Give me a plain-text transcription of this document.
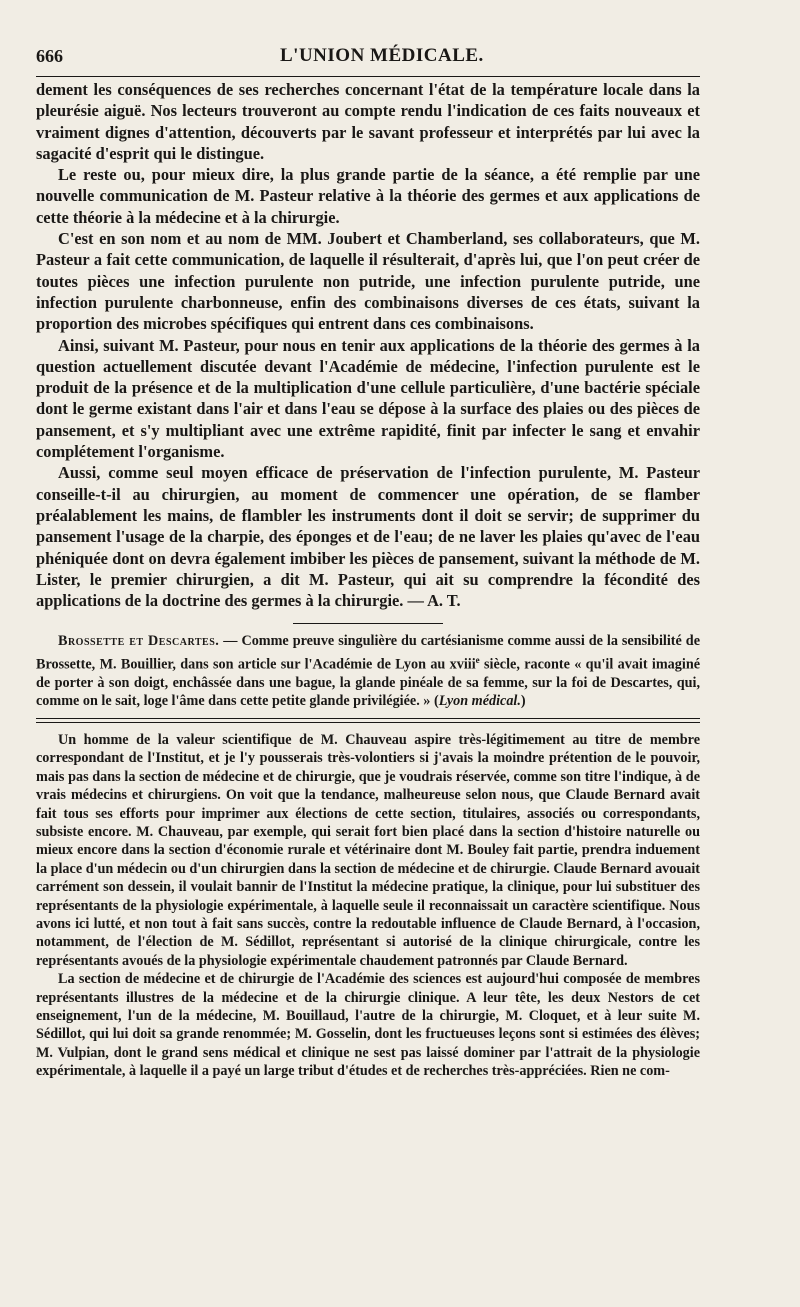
666	L'UNION MÉDICALE.

dement les conséquences de ses recherches concernant l'état de la température locale dans la pleurésie aiguë. Nos lecteurs trouveront au compte rendu l'indication de ces faits nouveaux et vraiment dignes d'attention, découverts par le savant professeur et interprétés par lui avec la sagacité d'esprit qui le distingue.

Le reste ou, pour mieux dire, la plus grande partie de la séance, a été remplie par une nouvelle communication de M. Pasteur relative à la théorie des germes et aux applications de cette théorie à la médecine et à la chirurgie.

C'est en son nom et au nom de MM. Joubert et Chamberland, ses collaborateurs, que M. Pasteur a fait cette communication, de laquelle il résulterait, d'après lui, que l'on peut créer de toutes pièces une infection purulente non putride, une infection purulente putride, une infection purulente charbonneuse, enfin des combinaisons diverses de ces états, suivant la proportion des microbes spécifiques qui entrent dans ces combinaisons.

Ainsi, suivant M. Pasteur, pour nous en tenir aux applications de la théorie des germes à la question actuellement discutée devant l'Académie de médecine, l'infection purulente est le produit de la présence et de la multiplication d'une cellule particulière, d'une bactérie spéciale dont le germe existant dans l'air et dans l'eau se dépose à la surface des plaies ou des pièces de pansement, et s'y multipliant avec une extrême rapidité, finit par infecter le sang et envahir complétement l'organisme.

Aussi, comme seul moyen efficace de préservation de l'infection purulente, M. Pasteur conseille-t-il au chirurgien, au moment de commencer une opération, de se flamber préalablement les mains, de flambler les instruments dont il doit se servir; de supprimer du pansement l'usage de la charpie, des éponges et de l'eau; de ne laver les plaies qu'avec de l'eau phéniquée dont on devra également imbiber les pièces de pansement, suivant la méthode de M. Lister, le premier chirurgien, a dit M. Pasteur, qui ait su comprendre la fécondité des applications de la doctrine des germes à la chirurgie. — A. T.

Brossette et Descartes. — Comme preuve singulière du cartésianisme comme aussi de la sensibilité de Brossette, M. Bouillier, dans son article sur l'Académie de Lyon au xviii$^e$ siècle, raconte « qu'il avait imaginé de porter à son doigt, enchâssée dans une bague, la glande pinéale de sa femme, sur la foi de Descartes, qui, comme on le sait, loge l'âme dans cette petite glande privilégiée. » (Lyon médical.)

Un homme de la valeur scientifique de M. Chauveau aspire très-légitimement au titre de membre correspondant de l'Institut, et je l'y pousserais très-volontiers si j'avais la moindre prétention de le pouvoir, mais pas dans la section de médecine et de chirurgie, que je voudrais réservée, comme son titre l'indique, à de vrais médecins et chirurgiens. On voit que la tendance, malheureuse selon nous, que Claude Bernard avait fait tous ses efforts pour imprimer aux élections de cette section, titulaires, associés ou correspondants, subsiste encore. M. Chauveau, par exemple, qui serait fort bien placé dans la section d'histoire naturelle ou mieux encore dans la section d'économie rurale et vétérinaire dont M. Bouley fait partie, prendra induement la place d'un médecin ou d'un chirurgien dans la section de médecine et de chirurgie. Claude Bernard avouait carrément son dessein, il voulait bannir de l'Institut la médecine pratique, la clinique, pour lui substituer des représentants de la physiologie expérimentale, à laquelle seule il reconnaissait un caractère scientifique. Nous avons ici lutté, et non tout à fait sans succès, contre la redoutable influence de Claude Bernard, à l'occasion, notamment, de l'élection de M. Sédillot, représentant si autorisé de la clinique chirurgicale, contre les représentants avoués de la physiologie expérimentale chaudement patronnés par Claude Bernard.

La section de médecine et de chirurgie de l'Académie des sciences est aujourd'hui composée de membres représentants illustres de la médecine et de la chirurgie clinique. A leur tête, les deux Nestors de cet enseignement, l'un de la médecine, M. Bouillaud, l'autre de la chirurgie, M. Cloquet, et à leur suite M. Sédillot, qui lui doit sa grande renommée; M. Gosselin, dont les fructueuses leçons sont si estimées des élèves; M. Vulpian, dont le grand sens médical et clinique ne sest pas laissé dominer par l'attrait de la physiologie expérimentale, à laquelle il a payé un large tribut d'études et de recherches très-appréciées. Rien ne com-
